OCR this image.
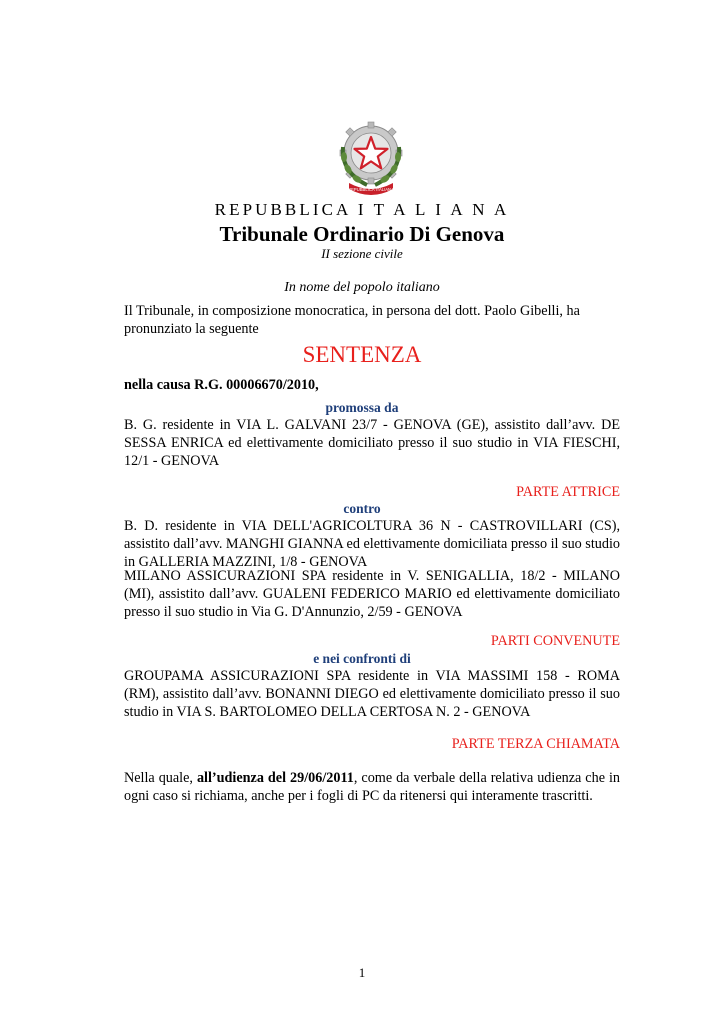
REPUBBLICA ITALIANA
REPUBBLICA I T A L I A N A
Tribunale Ordinario Di Genova
II sezione civile
In nome del popolo italiano
Il Tribunale, in composizione monocratica, in persona del dott. Paolo Gibelli, ha pronunziato la seguente
SENTENZA
nella causa R.G. 00006670/2010,
promossa da
B. G. residente in VIA L. GALVANI 23/7 - GENOVA (GE), assistito dall’avv. DE SESSA ENRICA ed elettivamente domiciliato presso il suo studio in VIA FIESCHI, 12/1 - GENOVA
PARTE ATTRICE
contro
B. D. residente in VIA DELL'AGRICOLTURA 36 N - CASTROVILLARI (CS), assistito dall’avv. MANGHI GIANNA ed elettivamente domiciliata presso il suo studio in GALLERIA MAZZINI, 1/8 - GENOVA
MILANO ASSICURAZIONI SPA residente in V. SENIGALLIA, 18/2 - MILANO (MI), assistito dall’avv. GUALENI FEDERICO MARIO ed elettivamente domiciliato presso il suo studio in Via G. D'Annunzio, 2/59 - GENOVA
PARTI CONVENUTE
e nei confronti di
GROUPAMA ASSICURAZIONI SPA residente in VIA MASSIMI 158 - ROMA (RM), assistito dall’avv. BONANNI DIEGO ed elettivamente domiciliato presso il suo studio in VIA S. BARTOLOMEO DELLA CERTOSA N. 2 - GENOVA
PARTE TERZA CHIAMATA
Nella quale, all’udienza del 29/06/2011, come da verbale della relativa udienza che in ogni caso si richiama, anche per i fogli di PC da ritenersi qui interamente trascritti.
1
